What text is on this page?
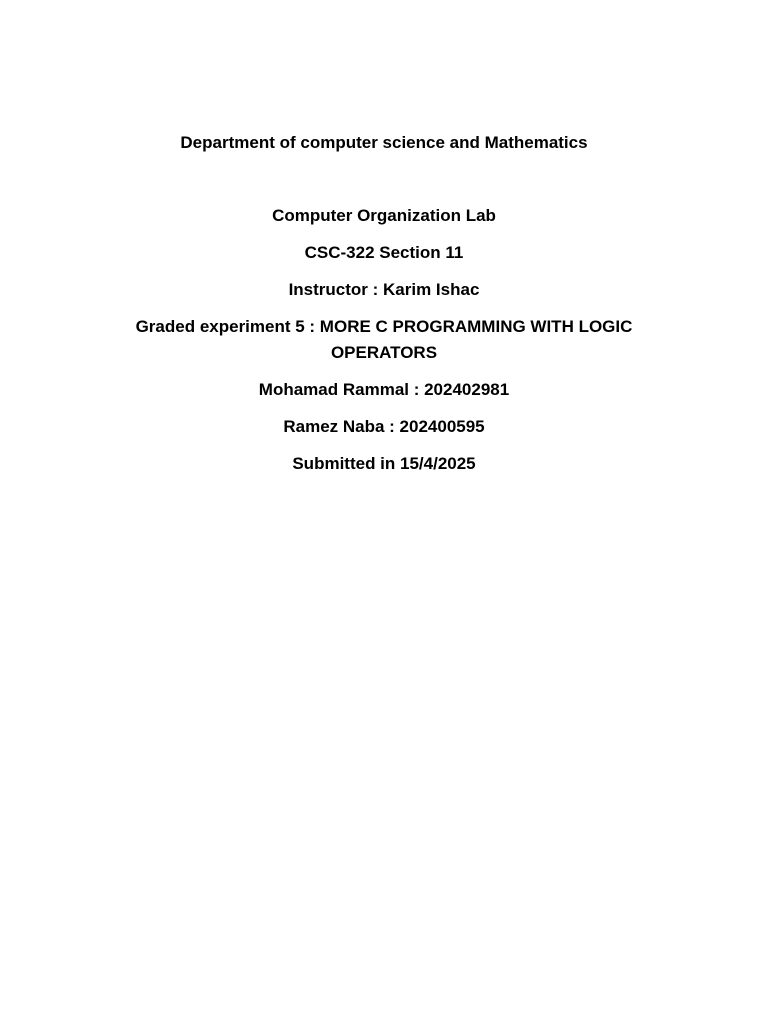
Department of computer science and Mathematics
Computer Organization Lab
CSC-322 Section 11
Instructor : Karim Ishac
Graded experiment 5 : MORE C PROGRAMMING WITH LOGIC OPERATORS
Mohamad Rammal : 202402981
Ramez Naba : 202400595
Submitted in 15/4/2025
